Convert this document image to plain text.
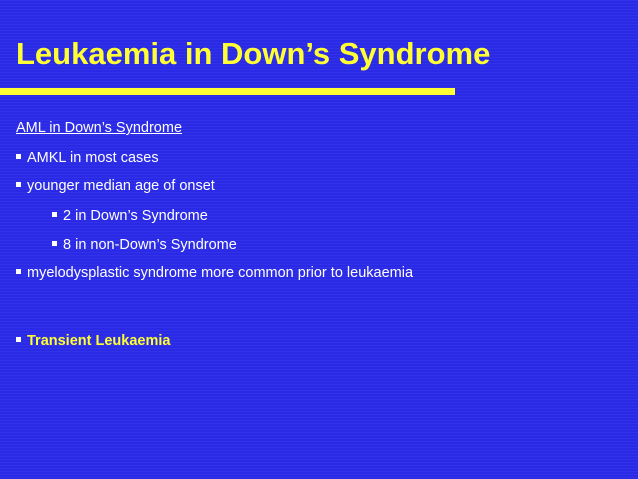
Leukaemia in Down’s Syndrome
AML in Down’s Syndrome
AMKL in most cases
younger median age of onset
2 in Down’s Syndrome
8 in non-Down’s Syndrome
myelodysplastic syndrome more common prior to leukaemia
Transient Leukaemia
